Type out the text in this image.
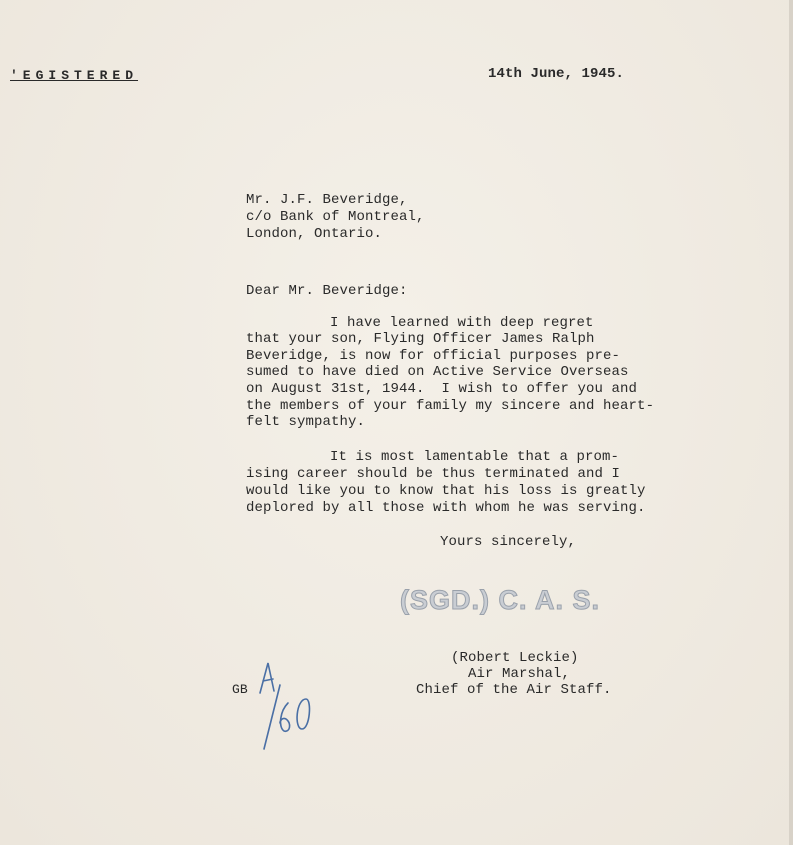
'EGISTERED	14th June, 1945.
Mr. J.F. Beveridge,
c/o Bank of Montreal,
London, Ontario.
Dear Mr. Beveridge:
I have learned with deep regret
that your son, Flying Officer James Ralph
Beveridge, is now for official purposes pre-
sumed to have died on Active Service Overseas
on August 31st, 1944.  I wish to offer you and
the members of your family my sincere and heart-
felt sympathy.
It is most lamentable that a prom-
ising career should be thus terminated and I
would like you to know that his loss is greatly
deplored by all those with whom he was serving.
Yours sincerely,
(SGD.) C. A. S.
(Robert Leckie)
Air Marshal,
Chief of the Air Staff.
GB
